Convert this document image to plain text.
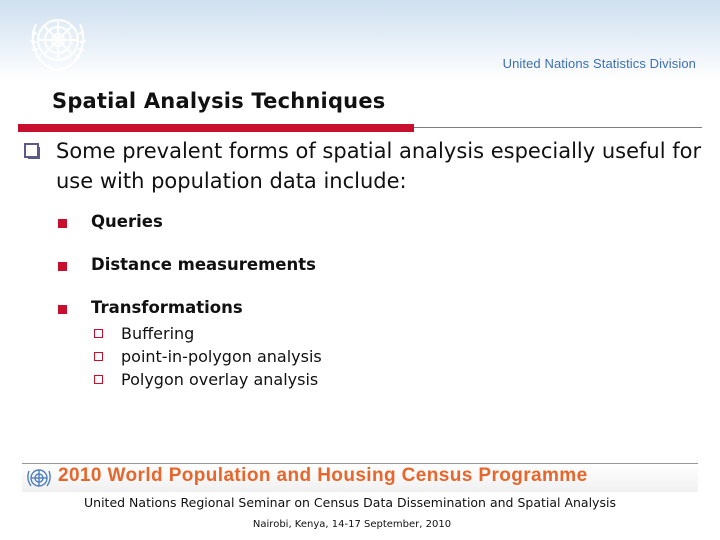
United Nations Statistics Division
Spatial Analysis Techniques
Some prevalent forms of spatial analysis especially useful for use with population data include:
Queries
Distance measurements
Transformations
Buffering
point-in-polygon analysis
Polygon overlay analysis
2010 World Population and Housing Census Programme
United Nations Regional Seminar on Census Data Dissemination and Spatial Analysis
Nairobi, Kenya, 14-17 September, 2010
